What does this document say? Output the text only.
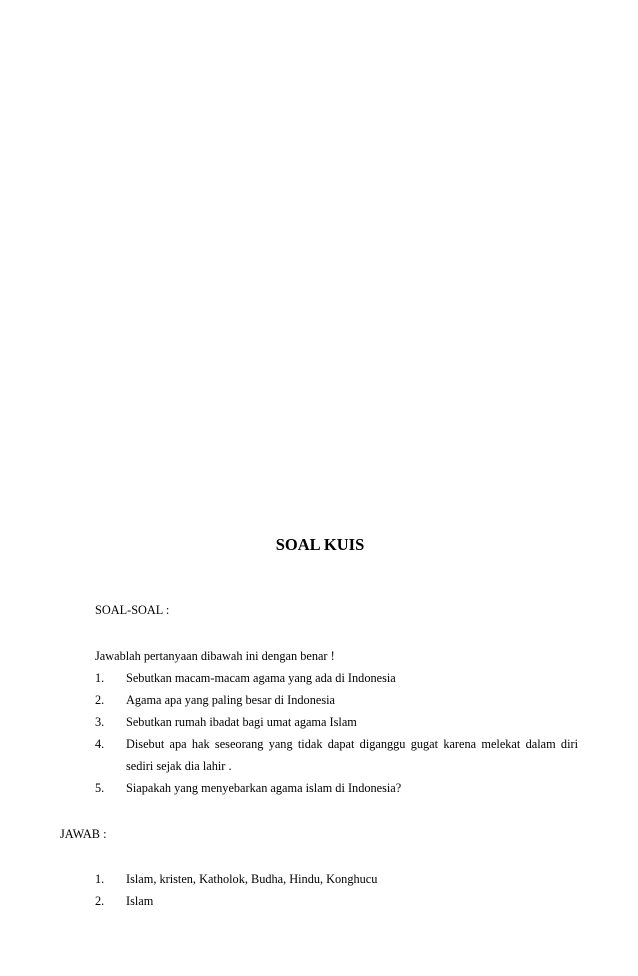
SOAL KUIS
SOAL-SOAL :
Jawablah pertanyaan dibawah ini dengan benar !
1. Sebutkan macam-macam agama yang ada di Indonesia
2. Agama apa yang paling besar di Indonesia
3. Sebutkan rumah ibadat bagi umat agama Islam
4. Disebut apa hak seseorang yang tidak dapat diganggu gugat karena melekat dalam diri
sediri sejak dia lahir .
5. Siapakah yang menyebarkan agama islam di Indonesia?
JAWAB :
1. Islam, kristen, Katholok, Budha, Hindu, Konghucu
2. Islam
